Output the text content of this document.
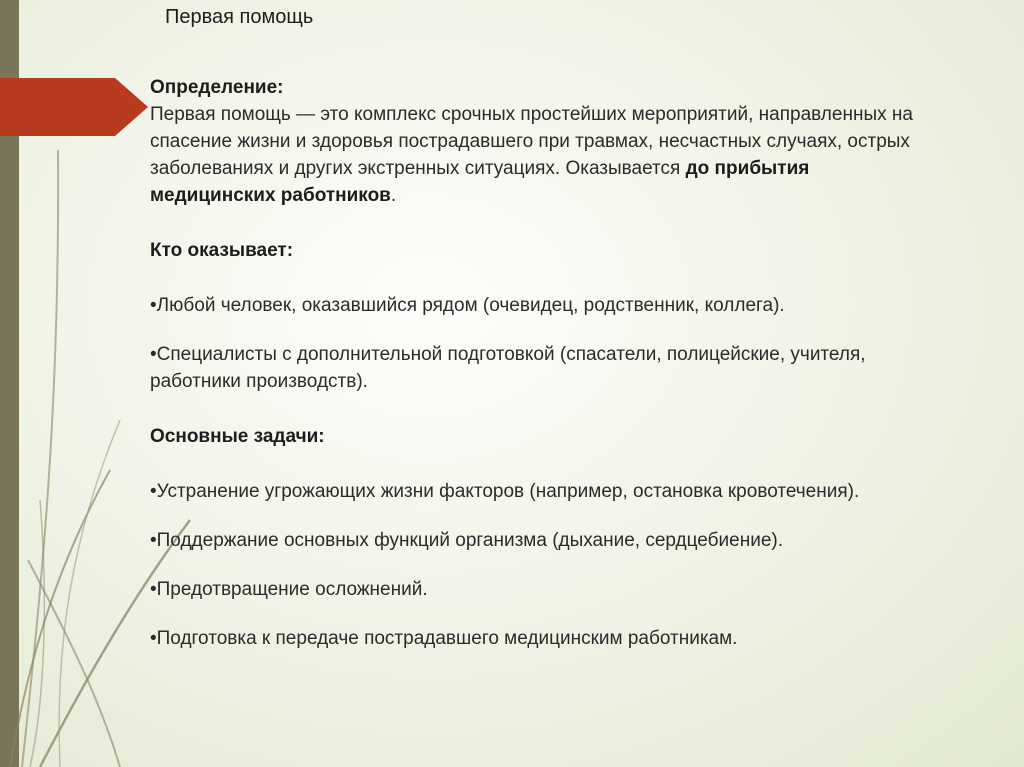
Первая помощь
Определение:

Первая помощь — это комплекс срочных простейших мероприятий, направленных на спасение жизни и здоровья пострадавшего при травмах, несчастных случаях, острых заболеваниях и других экстренных ситуациях. Оказывается до прибытия медицинских работников.

Кто оказывает:

•Любой человек, оказавшийся рядом (очевидец, родственник, коллега).

•Специалисты с дополнительной подготовкой (спасатели, полицейские, учителя, работники производств).

Основные задачи:

•Устранение угрожающих жизни факторов (например, остановка кровотечения).

•Поддержание основных функций организма (дыхание, сердцебиение).

•Предотвращение осложнений.

•Подготовка к передаче пострадавшего медицинским работникам.
